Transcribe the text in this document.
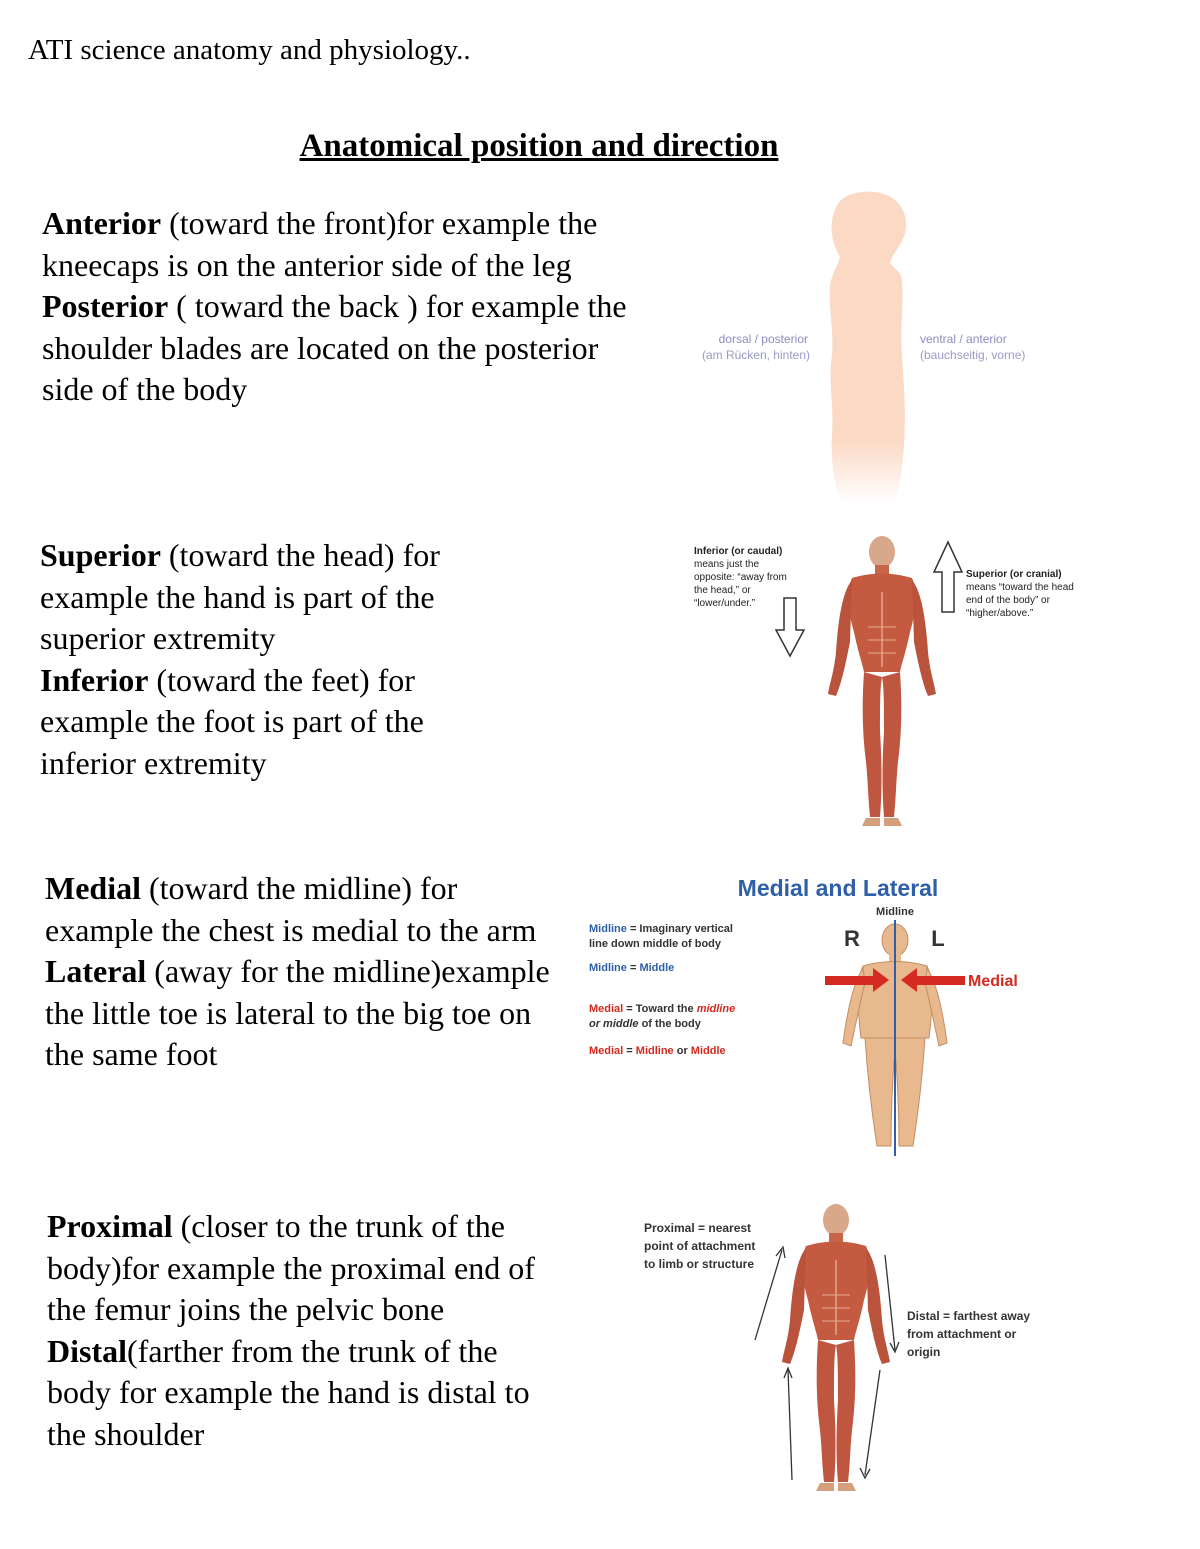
ATI science anatomy and physiology..
Anatomical position and direction

Anterior (toward the front)for example the kneecaps is on the anterior side of the leg

Posterior ( toward the back ) for example the shoulder blades are located on the posterior side of the body

Superior (toward the head) for example the hand is part of the superior extremity

Inferior (toward the feet) for example the foot is part of the inferior extremity

Medial (toward the midline) for example the chest is medial to the arm

Lateral (away for the midline)example the little toe is lateral to the big toe on the same foot

Proximal (closer to the trunk of the body)for example the proximal end of the femur joins the pelvic bone

Distal(farther from the trunk of the body for example the hand is distal to the shoulder

dorsal / posterior
(am Rücken, hinten)
ventral / anterior
(bauchseitig, vorne)
Inferior (or caudal)
means just the
opposite: “away from
the head,” or
“lower/under.”
Superior (or cranial)
means “toward the head
end of the body” or
“higher/above.”
Medial and Lateral
Midline
Midline = Imaginary vertical
line down middle of body
Midline = Middle
Medial = Toward the midline
or middle of the body
Medial = Midline or Middle
R	L
Medial
Proximal = nearest
point of attachment
to limb or structure
Distal = farthest away
from attachment or
origin
